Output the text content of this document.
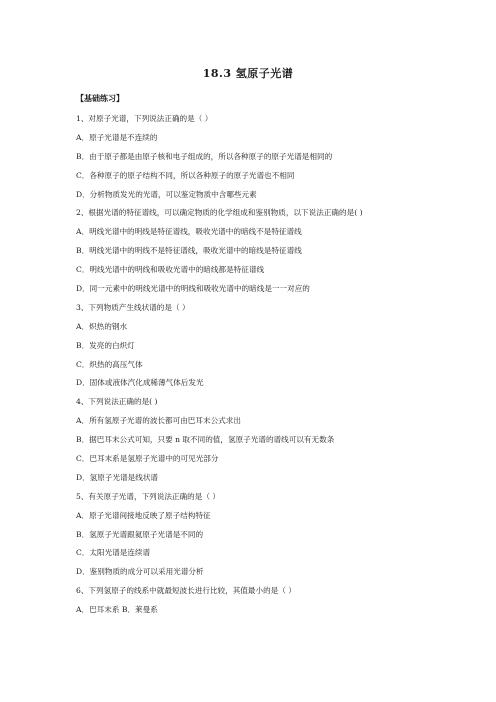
18.3 氢原子光谱
【基础练习】
1、对原子光谱，下列说法正确的是（ ）
A．原子光谱是不连续的
B．由于原子都是由原子核和电子组成的，所以各种原子的原子光谱是相同的
C．各种原子的原子结构不同，所以各种原子的原子光谱也不相同
D．分析物质发光的光谱，可以鉴定物质中含哪些元素
2、根据光谱的特征谱线，可以确定物质的化学组成和鉴别物质，以下说法正确的是( )
A．明线光谱中的明线是特征谱线，吸收光谱中的暗线不是特征谱线
B．明线光谱中的明线不是特征谱线，吸收光谱中的暗线是特征谱线
C．明线光谱中的明线和吸收光谱中的暗线都是特征谱线
D．同一元素中的明线光谱中的明线和吸收光谱中的暗线是一一对应的
3、下列物质产生线状谱的是（ ）
A．炽热的钢水
B．发亮的白炽灯
C．炽热的高压气体
D．固体或液体汽化成稀薄气体后发光
4、下列说法正确的是( )
A．所有氢原子光谱的波长都可由巴耳末公式求出
B．据巴耳末公式可知，只要 n 取不同的值，氢原子光谱的谱线可以有无数条
C．巴耳末系是氢原子光谱中的可见光部分
D．氢原子光谱是线状谱
5、有关原子光谱，下列说法正确的是（ ）
A．原子光谱间接地反映了原子结构特征
B．氢原子光谱跟氦原子光谱是不同的
C．太阳光谱是连续谱
D．鉴别物质的成分可以采用光谱分析
6、下列氢原子的线系中就最短波长进行比较，其值最小的是（ ）
A．巴耳末系 B．莱曼系
